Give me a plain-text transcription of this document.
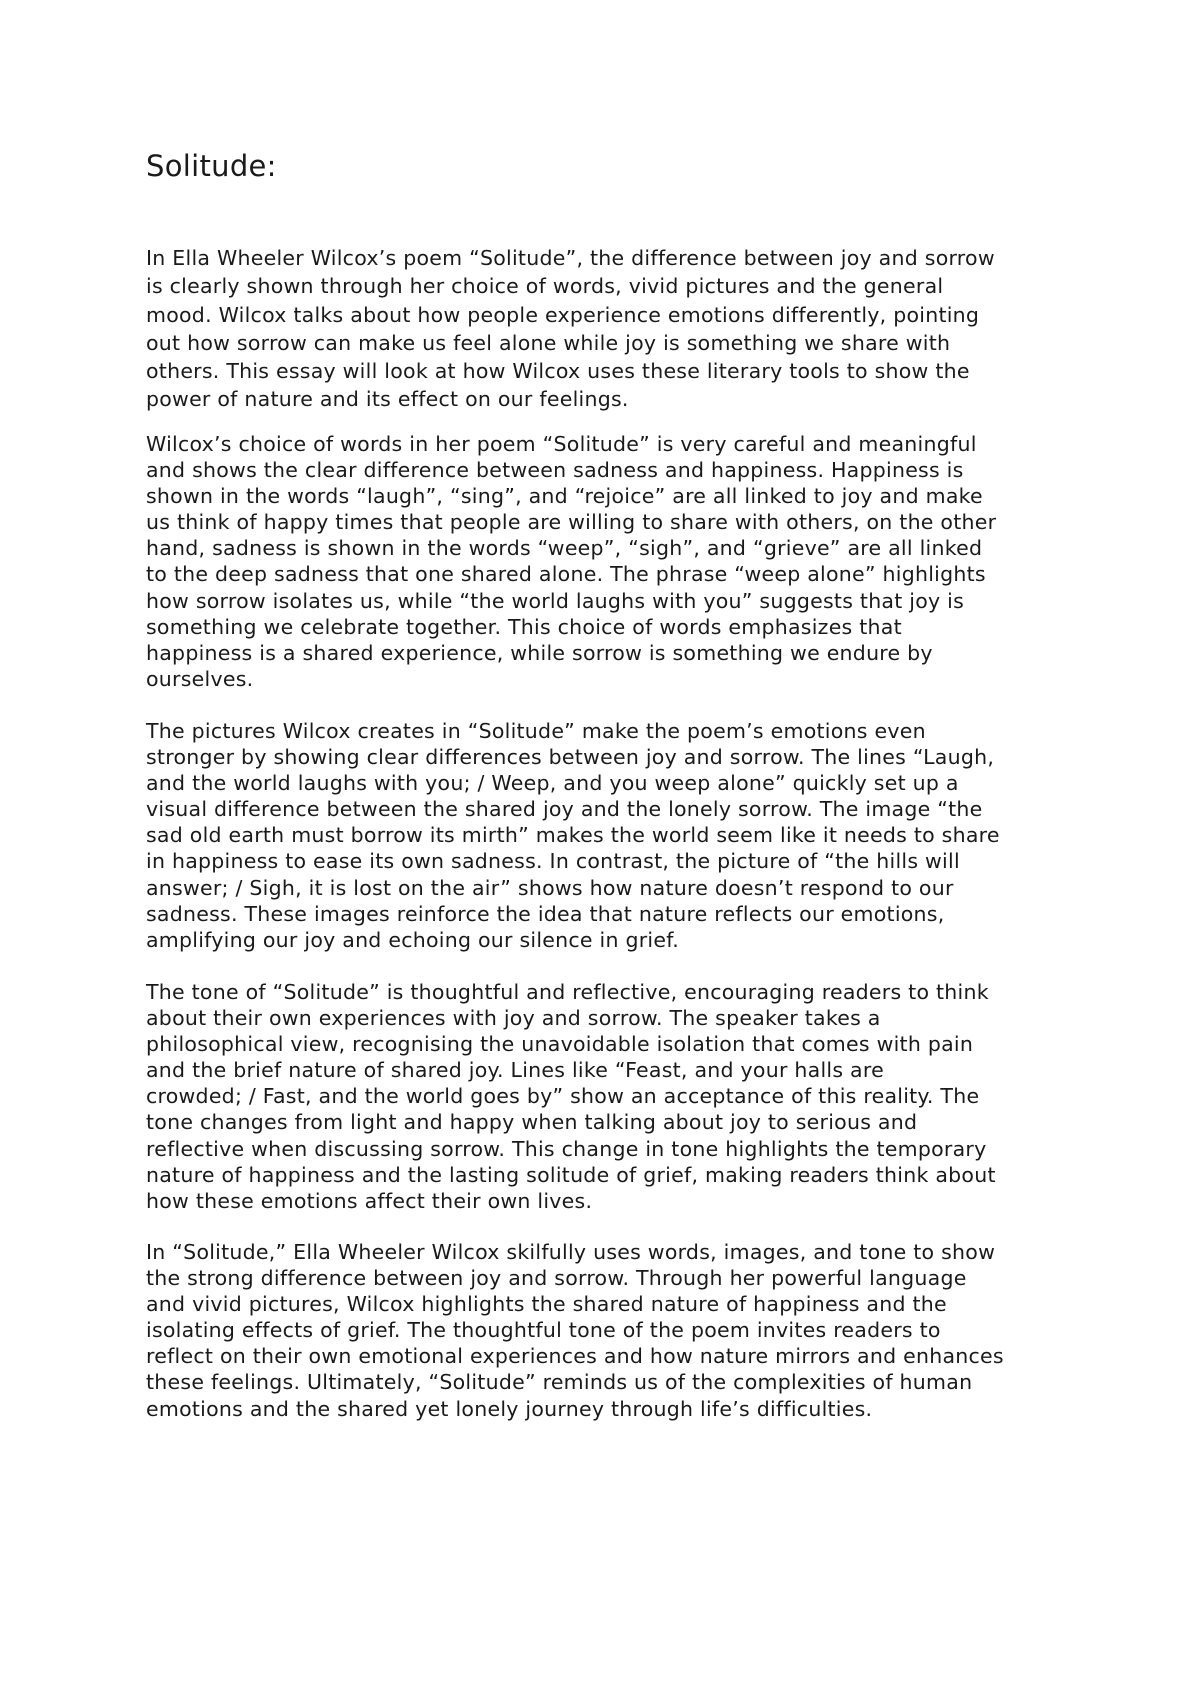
Solitude:

In Ella Wheeler Wilcox’s poem “Solitude”, the difference between joy and sorrow
is clearly shown through her choice of words, vivid pictures and the general
mood. Wilcox talks about how people experience emotions differently, pointing
out how sorrow can make us feel alone while joy is something we share with
others. This essay will look at how Wilcox uses these literary tools to show the
power of nature and its effect on our feelings.

Wilcox’s choice of words in her poem “Solitude” is very careful and meaningful
and shows the clear difference between sadness and happiness. Happiness is
shown in the words “laugh”, “sing”, and “rejoice” are all linked to joy and make
us think of happy times that people are willing to share with others, on the other
hand, sadness is shown in the words “weep”, “sigh”, and “grieve” are all linked
to the deep sadness that one shared alone. The phrase “weep alone” highlights
how sorrow isolates us, while “the world laughs with you” suggests that joy is
something we celebrate together. This choice of words emphasizes that
happiness is a shared experience, while sorrow is something we endure by
ourselves.

The pictures Wilcox creates in “Solitude” make the poem’s emotions even
stronger by showing clear differences between joy and sorrow. The lines “Laugh,
and the world laughs with you; / Weep, and you weep alone” quickly set up a
visual difference between the shared joy and the lonely sorrow. The image “the
sad old earth must borrow its mirth” makes the world seem like it needs to share
in happiness to ease its own sadness. In contrast, the picture of “the hills will
answer; / Sigh, it is lost on the air” shows how nature doesn’t respond to our
sadness. These images reinforce the idea that nature reflects our emotions,
amplifying our joy and echoing our silence in grief.

The tone of “Solitude” is thoughtful and reflective, encouraging readers to think
about their own experiences with joy and sorrow. The speaker takes a
philosophical view, recognising the unavoidable isolation that comes with pain
and the brief nature of shared joy. Lines like “Feast, and your halls are
crowded; / Fast, and the world goes by” show an acceptance of this reality. The
tone changes from light and happy when talking about joy to serious and
reflective when discussing sorrow. This change in tone highlights the temporary
nature of happiness and the lasting solitude of grief, making readers think about
how these emotions affect their own lives.

In “Solitude,” Ella Wheeler Wilcox skilfully uses words, images, and tone to show
the strong difference between joy and sorrow. Through her powerful language
and vivid pictures, Wilcox highlights the shared nature of happiness and the
isolating effects of grief. The thoughtful tone of the poem invites readers to
reflect on their own emotional experiences and how nature mirrors and enhances
these feelings. Ultimately, “Solitude” reminds us of the complexities of human
emotions and the shared yet lonely journey through life’s difficulties.
